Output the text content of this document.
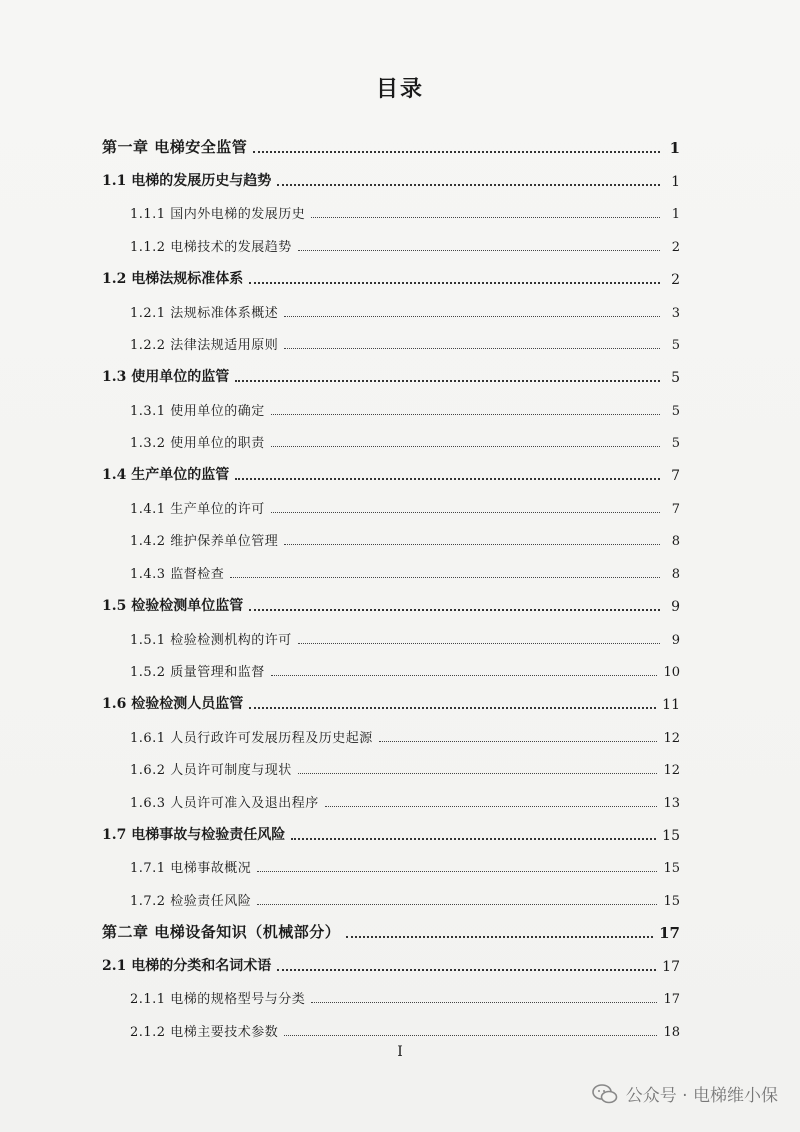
目录
第一章 电梯安全监管	1
1.1 电梯的发展历史与趋势	1
1.1.1 国内外电梯的发展历史	1
1.1.2 电梯技术的发展趋势	2
1.2 电梯法规标准体系	2
1.2.1 法规标准体系概述	3
1.2.2 法律法规适用原则	5
1.3 使用单位的监管	5
1.3.1 使用单位的确定	5
1.3.2 使用单位的职责	5
1.4 生产单位的监管	7
1.4.1 生产单位的许可	7
1.4.2 维护保养单位管理	8
1.4.3 监督检查	8
1.5 检验检测单位监管	9
1.5.1 检验检测机构的许可	9
1.5.2 质量管理和监督	10
1.6 检验检测人员监管	11
1.6.1 人员行政许可发展历程及历史起源	12
1.6.2 人员许可制度与现状	12
1.6.3 人员许可准入及退出程序	13
1.7 电梯事故与检验责任风险	15
1.7.1 电梯事故概况	15
1.7.2 检验责任风险	15
第二章 电梯设备知识（机械部分）	17
2.1 电梯的分类和名词术语	17
2.1.1 电梯的规格型号与分类	17
2.1.2 电梯主要技术参数	18
I
公众号 · 电梯维小保
